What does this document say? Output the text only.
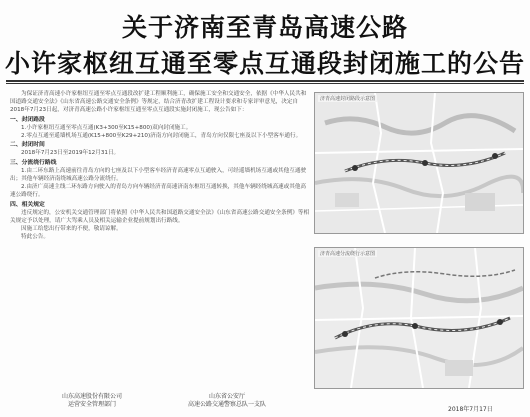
关于济南至青岛高速公路
小许家枢纽互通至零点互通段封闭施工的公告

为保证济青高速小许家枢纽互通至零点互通段改扩建工程顺利施工，确保施工安全和交通安全，依据《中华人民共和国道路交通安全法》《山东省高速公路交通安全条例》等规定，结合济青改扩建工程设计要求和专家评审意见，决定自2018年7月23日起，对济青高速公路小许家枢纽互通至零点互通段实施封闭施工，现公告如下：

一、封闭路段

1.小许家枢纽互通至零点互通(K3+300至K15+800)双向封闭施工。

2.零点互通至遥墙机场互通(K15+800至K29+210)济南方向封闭施工，青岛方向仅限七座及以下小型客车通行。

二、封闭时间

2018年7月23日至2019年12月31日。

三、分流绕行路线

1.由二环东路上高速前往青岛方向的七座及以下小型客车经济青高速零点互通驶入，可经遥墙机场互通或其他互通驶出；其他车辆经济南绕城高速公路分流绕行。

2.由济广高速主线二环东路方向驶入的青岛方向车辆经济青高速济南东枢纽互通转换，其他车辆经绕城高速或其他高速公路绕行。

四、相关规定

违反规定的，公安机关交通管理部门将依照《中华人民共和国道路交通安全法》《山东省高速公路交通安全条例》等相关规定予以处理，请广大驾乘人员及相关运输企业提前规划出行路线。

因施工给您出行带来的不便，敬请谅解。

特此公告。

山东高速股份有限公司
运营安全管理部门
山东省公安厅
高速公路交通警察总队一支队
2018年7月17日
济青高速封闭路段示意图
济青高速分流绕行示意图
